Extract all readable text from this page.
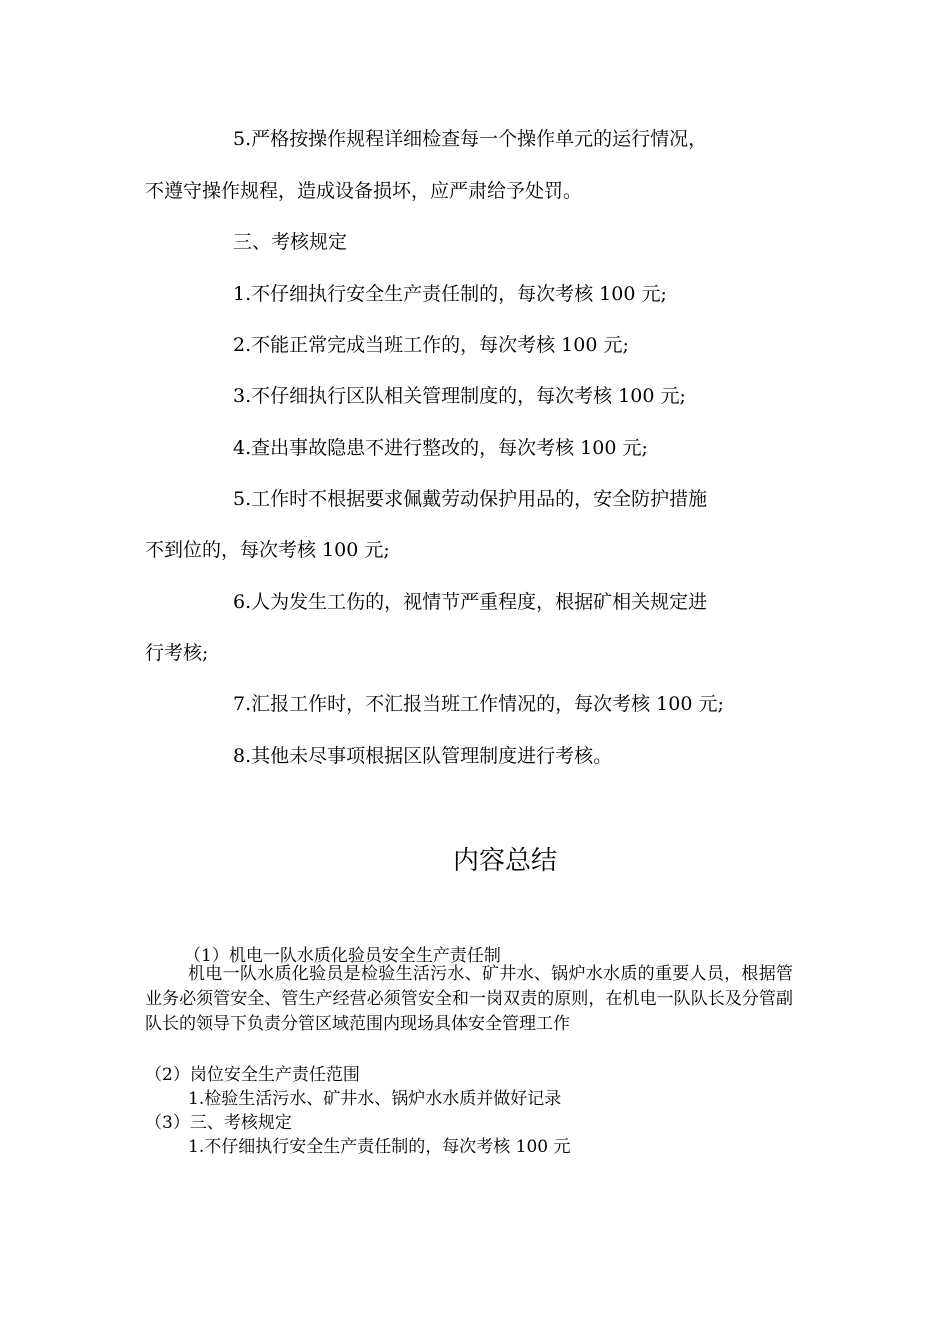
5.严格按操作规程详细检查每一个操作单元的运行情况，

不遵守操作规程，造成设备损坏，应严肃给予处罚。

三、考核规定

1.不仔细执行安全生产责任制的，每次考核 100 元;

2.不能正常完成当班工作的，每次考核 100 元;

3.不仔细执行区队相关管理制度的，每次考核 100 元;

4.查出事故隐患不进行整改的，每次考核 100 元;

5.工作时不根据要求佩戴劳动保护用品的，安全防护措施

不到位的，每次考核 100 元;

6.人为发生工伤的，视情节严重程度，根据矿相关规定进

行考核;

7.汇报工作时，不汇报当班工作情况的，每次考核 100 元;

8.其他未尽事项根据区队管理制度进行考核。

内容总结

（1）机电一队水质化验员安全生产责任制

机电一队水质化验员是检验生活污水、矿井水、锅炉水水质的重要人员，根据管业务必须管安全、管生产经营必须管安全和一岗双责的原则，在机电一队队长及分管副队长的领导下负责分管区域范围内现场具体安全管理工作

（2）岗位安全生产责任范围

1.检验生活污水、矿井水、锅炉水水质并做好记录

（3）三、考核规定

1.不仔细执行安全生产责任制的，每次考核 100 元
